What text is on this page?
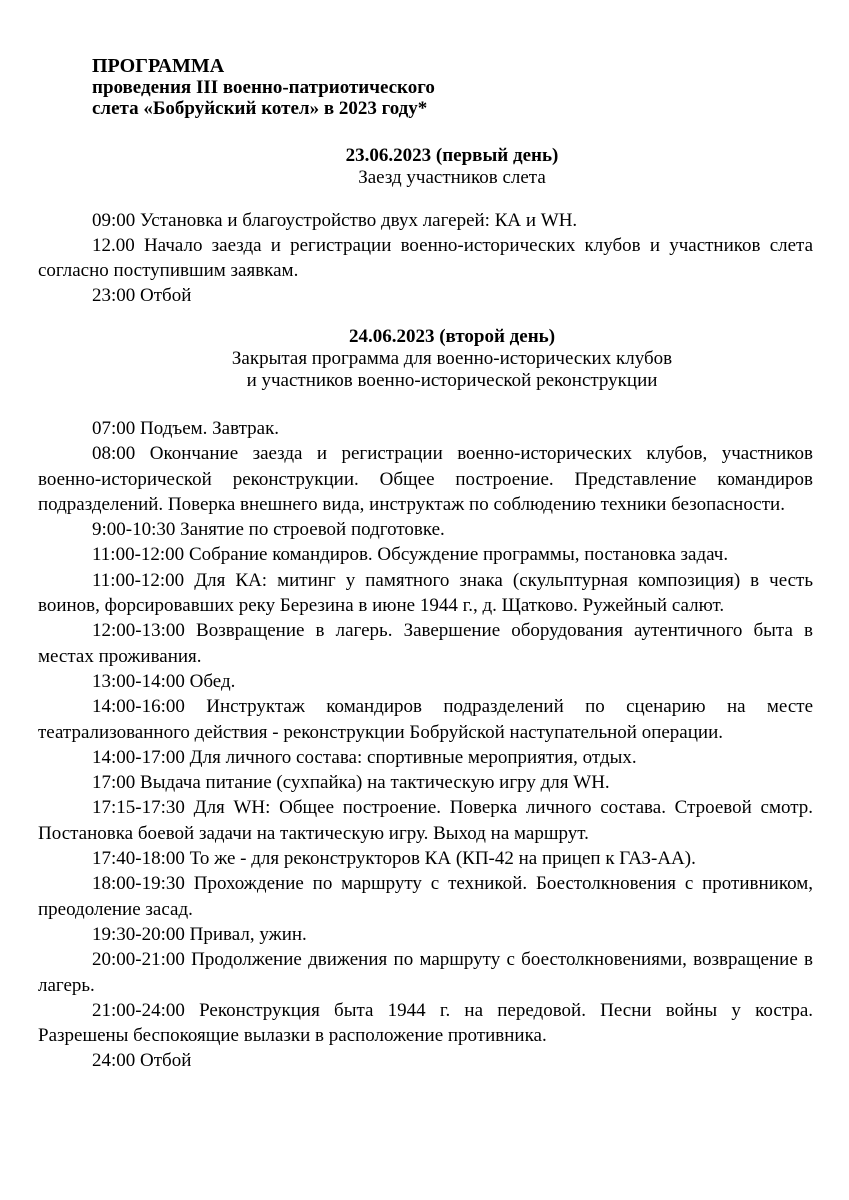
ПРОГРАММА

проведения III военно-патриотического

слета «Бобруйский котел» в 2023 году*

23.06.2023 (первый день)
Заезд участников слета

09:00 Установка и благоустройство двух лагерей: КА и WH.

12.00 Начало заезда и регистрации военно-исторических клубов и участников слета согласно поступившим заявкам.

23:00 Отбой

24.06.2023 (второй день)
Закрытая программа для военно-исторических клубов
и участников военно-исторической реконструкции

07:00 Подъем. Завтрак.

08:00 Окончание заезда и регистрации военно-исторических клубов, участников военно-исторической реконструкции. Общее построение. Представление командиров подразделений. Поверка внешнего вида, инструктаж по соблюдению техники безопасности.

9:00-10:30 Занятие по строевой подготовке.

11:00-12:00 Собрание командиров. Обсуждение программы, постановка задач.

11:00-12:00 Для КА: митинг у памятного знака (скульптурная композиция) в честь воинов, форсировавших реку Березина в июне 1944 г., д. Щатково. Ружейный салют.

12:00-13:00 Возвращение в лагерь. Завершение оборудования аутентичного быта в местах проживания.

13:00-14:00 Обед.

14:00-16:00 Инструктаж командиров подразделений по сценарию на месте театрализованного действия - реконструкции Бобруйской наступательной операции.

14:00-17:00 Для личного состава: спортивные мероприятия, отдых.

17:00 Выдача питание (сухпайка) на тактическую игру для WH.

17:15-17:30 Для WH: Общее построение. Поверка личного состава. Строевой смотр. Постановка боевой задачи на тактическую игру. Выход на маршрут.

17:40-18:00 То же - для реконструкторов КА (КП-42 на прицеп к ГАЗ-АА).

18:00-19:30 Прохождение по маршруту с техникой. Боестолкновения с противником, преодоление засад.

19:30-20:00 Привал, ужин.

20:00-21:00 Продолжение движения по маршруту с боестолкновениями, возвращение в лагерь.

21:00-24:00 Реконструкция быта 1944 г. на передовой. Песни войны у костра. Разрешены беспокоящие вылазки в расположение противника.

24:00 Отбой
